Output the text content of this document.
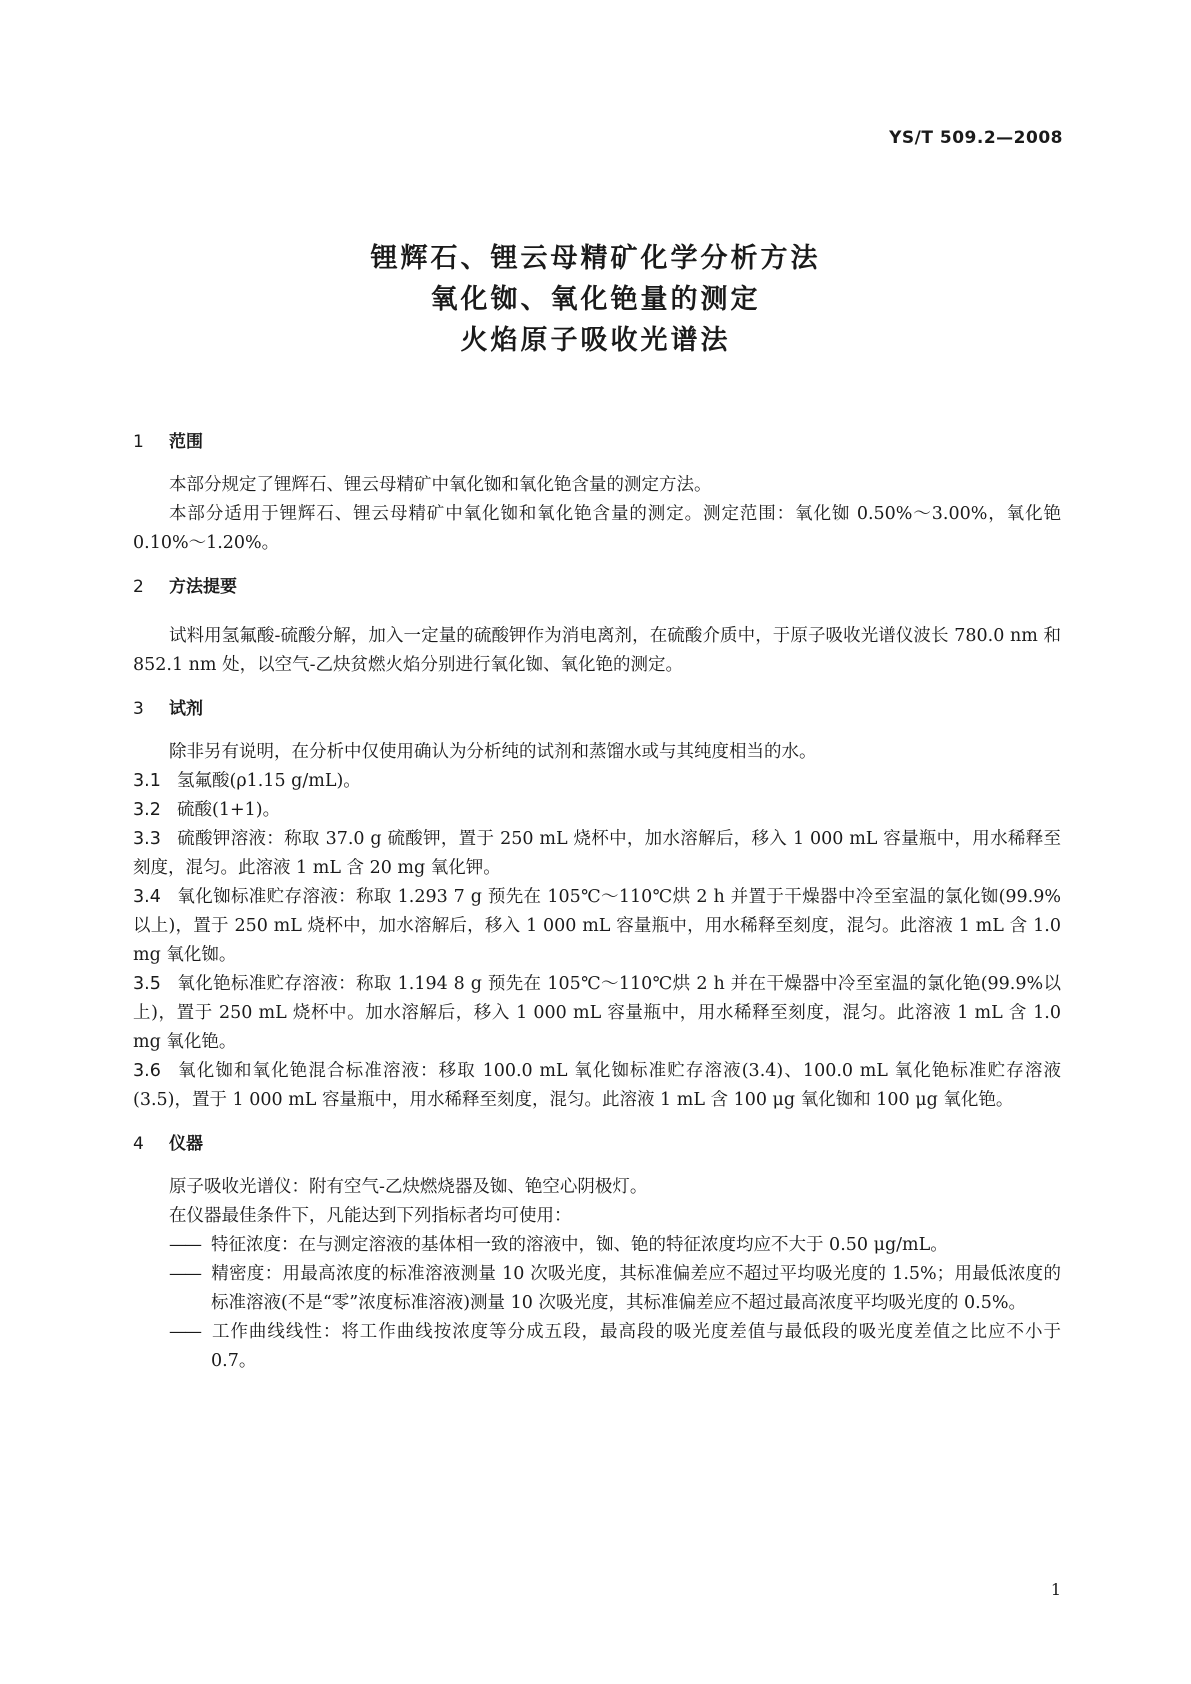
YS/T 509.2—2008
锂辉石、锂云母精矿化学分析方法
氧化铷、氧化铯量的测定
火焰原子吸收光谱法
1 范围

本部分规定了锂辉石、锂云母精矿中氧化铷和氧化铯含量的测定方法。

本部分适用于锂辉石、锂云母精矿中氧化铷和氧化铯含量的测定。测定范围：氧化铷 0.50%～3.00%，氧化铯 0.10%～1.20%。

2 方法提要

试料用氢氟酸-硫酸分解，加入一定量的硫酸钾作为消电离剂，在硫酸介质中，于原子吸收光谱仪波长 780.0 nm 和 852.1 nm 处，以空气-乙炔贫燃火焰分别进行氧化铷、氧化铯的测定。

3 试剂

除非另有说明，在分析中仅使用确认为分析纯的试剂和蒸馏水或与其纯度相当的水。

3.1 氢氟酸(ρ1.15 g/mL)。

3.2 硫酸(1+1)。

3.3 硫酸钾溶液：称取 37.0 g 硫酸钾，置于 250 mL 烧杯中，加水溶解后，移入 1 000 mL 容量瓶中，用水稀释至刻度，混匀。此溶液 1 mL 含 20 mg 氧化钾。

3.4 氧化铷标准贮存溶液：称取 1.293 7 g 预先在 105℃～110℃烘 2 h 并置于干燥器中冷至室温的氯化铷(99.9%以上)，置于 250 mL 烧杯中，加水溶解后，移入 1 000 mL 容量瓶中，用水稀释至刻度，混匀。此溶液 1 mL 含 1.0 mg 氧化铷。

3.5 氧化铯标准贮存溶液：称取 1.194 8 g 预先在 105℃～110℃烘 2 h 并在干燥器中冷至室温的氯化铯(99.9%以上)，置于 250 mL 烧杯中。加水溶解后，移入 1 000 mL 容量瓶中，用水稀释至刻度，混匀。此溶液 1 mL 含 1.0 mg 氧化铯。

3.6 氧化铷和氧化铯混合标准溶液：移取 100.0 mL 氧化铷标准贮存溶液(3.4)、100.0 mL 氧化铯标准贮存溶液(3.5)，置于 1 000 mL 容量瓶中，用水稀释至刻度，混匀。此溶液 1 mL 含 100 μg 氧化铷和 100 μg 氧化铯。

4 仪器

原子吸收光谱仪：附有空气-乙炔燃烧器及铷、铯空心阴极灯。

在仪器最佳条件下，凡能达到下列指标者均可使用：

—— 特征浓度：在与测定溶液的基体相一致的溶液中，铷、铯的特征浓度均应不大于 0.50 μg/mL。

—— 精密度：用最高浓度的标准溶液测量 10 次吸光度，其标准偏差应不超过平均吸光度的 1.5%；用最低浓度的标准溶液(不是“零”浓度标准溶液)测量 10 次吸光度，其标准偏差应不超过最高浓度平均吸光度的 0.5%。

—— 工作曲线线性：将工作曲线按浓度等分成五段，最高段的吸光度差值与最低段的吸光度差值之比应不小于 0.7。

1
